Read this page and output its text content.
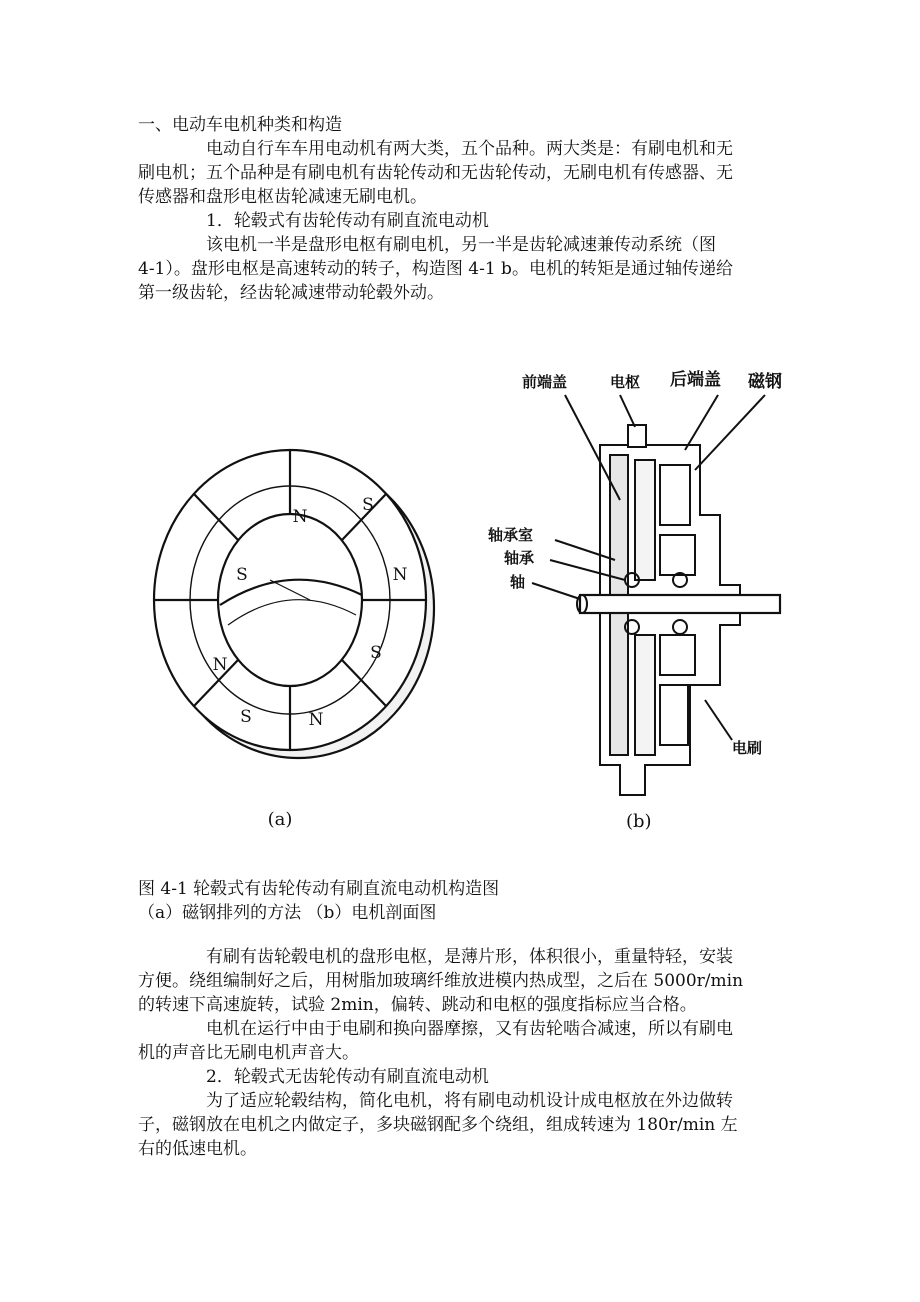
一、电动车电机种类和构造
电动自行车车用电动机有两大类，五个品种。两大类是：有刷电机和无
刷电机；五个品种是有刷电机有齿轮传动和无齿轮传动，无刷电机有传感器、无
传感器和盘形电枢齿轮减速无刷电机。
1．轮毂式有齿轮传动有刷直流电动机
该电机一半是盘形电枢有刷电机，另一半是齿轮减速兼传动系统（图
4-1）。盘形电枢是高速转动的转子，构造图 4-1 b。电机的转矩是通过轴传递给
第一级齿轮，经齿轮减速带动轮毂外动。
N
S
N
S
N
S
N
S
(a)
前端盖	电枢 后端盖 磁钢
轴承室
轴承
轴
电刷
(b)
图 4-1 轮毂式有齿轮传动有刷直流电动机构造图
（a）磁钢排列的方法 （b）电机剖面图
有刷有齿轮毂电机的盘形电枢，是薄片形，体积很小，重量特轻，安装
方便。绕组编制好之后，用树脂加玻璃纤维放进模内热成型，之后在 5000r/min
的转速下高速旋转，试验 2min，偏转、跳动和电枢的强度指标应当合格。
电机在运行中由于电刷和换向器摩擦，又有齿轮啮合减速，所以有刷电
机的声音比无刷电机声音大。
2．轮毂式无齿轮传动有刷直流电动机
为了适应轮毂结构，简化电机，将有刷电动机设计成电枢放在外边做转
子，磁钢放在电机之内做定子，多块磁钢配多个绕组，组成转速为 180r/min 左
右的低速电机。
